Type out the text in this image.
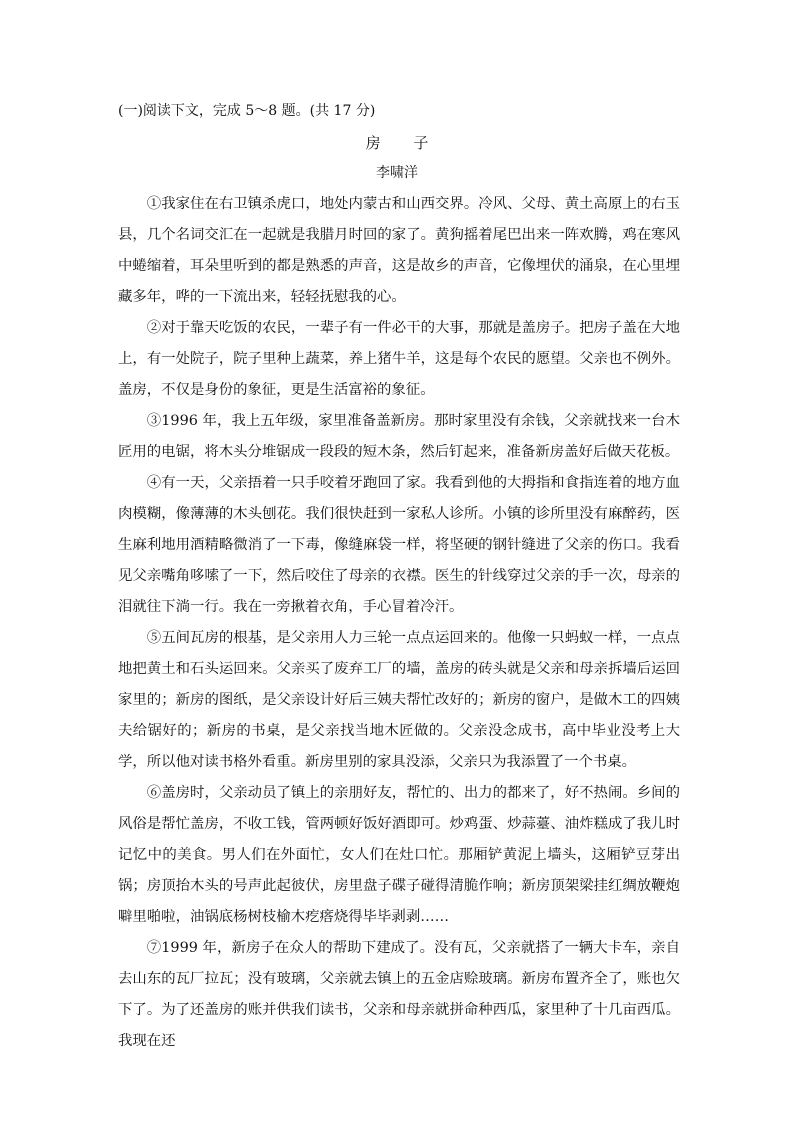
(一)阅读下文，完成 5～8 题。(共 17 分)
房 子
李啸洋

①我家住在右卫镇杀虎口，地处内蒙古和山西交界。冷风、父母、黄土高原上的右玉县，几个名词交汇在一起就是我腊月时回的家了。黄狗摇着尾巴出来一阵欢腾，鸡在寒风中蜷缩着，耳朵里听到的都是熟悉的声音，这是故乡的声音，它像埋伏的涌泉，在心里埋藏多年，哗的一下流出来，轻轻抚慰我的心。

②对于靠天吃饭的农民，一辈子有一件必干的大事，那就是盖房子。把房子盖在大地上，有一处院子，院子里种上蔬菜，养上猪牛羊，这是每个农民的愿望。父亲也不例外。盖房，不仅是身份的象征，更是生活富裕的象征。

③1996 年，我上五年级，家里准备盖新房。那时家里没有余钱，父亲就找来一台木匠用的电锯，将木头分堆锯成一段段的短木条，然后钉起来，准备新房盖好后做天花板。

④有一天，父亲捂着一只手咬着牙跑回了家。我看到他的大拇指和食指连着的地方血肉模糊，像薄薄的木头刨花。我们很快赶到一家私人诊所。小镇的诊所里没有麻醉药，医生麻利地用酒精略微消了一下毒，像缝麻袋一样，将坚硬的钢针缝进了父亲的伤口。我看见父亲嘴角哆嗦了一下，然后咬住了母亲的衣襟。医生的针线穿过父亲的手一次，母亲的泪就往下淌一行。我在一旁揪着衣角，手心冒着冷汗。

⑤五间瓦房的根基，是父亲用人力三轮一点点运回来的。他像一只蚂蚁一样，一点点地把黄土和石头运回来。父亲买了废弃工厂的墙，盖房的砖头就是父亲和母亲拆墙后运回家里的；新房的图纸，是父亲设计好后三姨夫帮忙改好的；新房的窗户，是做木工的四姨夫给锯好的；新房的书桌，是父亲找当地木匠做的。父亲没念成书，高中毕业没考上大学，所以他对读书格外看重。新房里别的家具没添，父亲只为我添置了一个书桌。

⑥盖房时，父亲动员了镇上的亲朋好友，帮忙的、出力的都来了，好不热闹。乡间的风俗是帮忙盖房，不收工钱，管两顿好饭好酒即可。炒鸡蛋、炒蒜薹、油炸糕成了我儿时记忆中的美食。男人们在外面忙，女人们在灶口忙。那厢铲黄泥上墙头，这厢铲豆芽出锅；房顶抬木头的号声此起彼伏，房里盘子碟子碰得清脆作响；新房顶架梁挂红绸放鞭炮噼里啪啦，油锅底杨树枝榆木疙瘩烧得毕毕剥剥……

⑦1999 年，新房子在众人的帮助下建成了。没有瓦，父亲就搭了一辆大卡车，亲自去山东的瓦厂拉瓦；没有玻璃，父亲就去镇上的五金店赊玻璃。新房布置齐全了，账也欠下了。为了还盖房的账并供我们读书，父亲和母亲就拼命种西瓜，家里种了十几亩西瓜。我现在还
